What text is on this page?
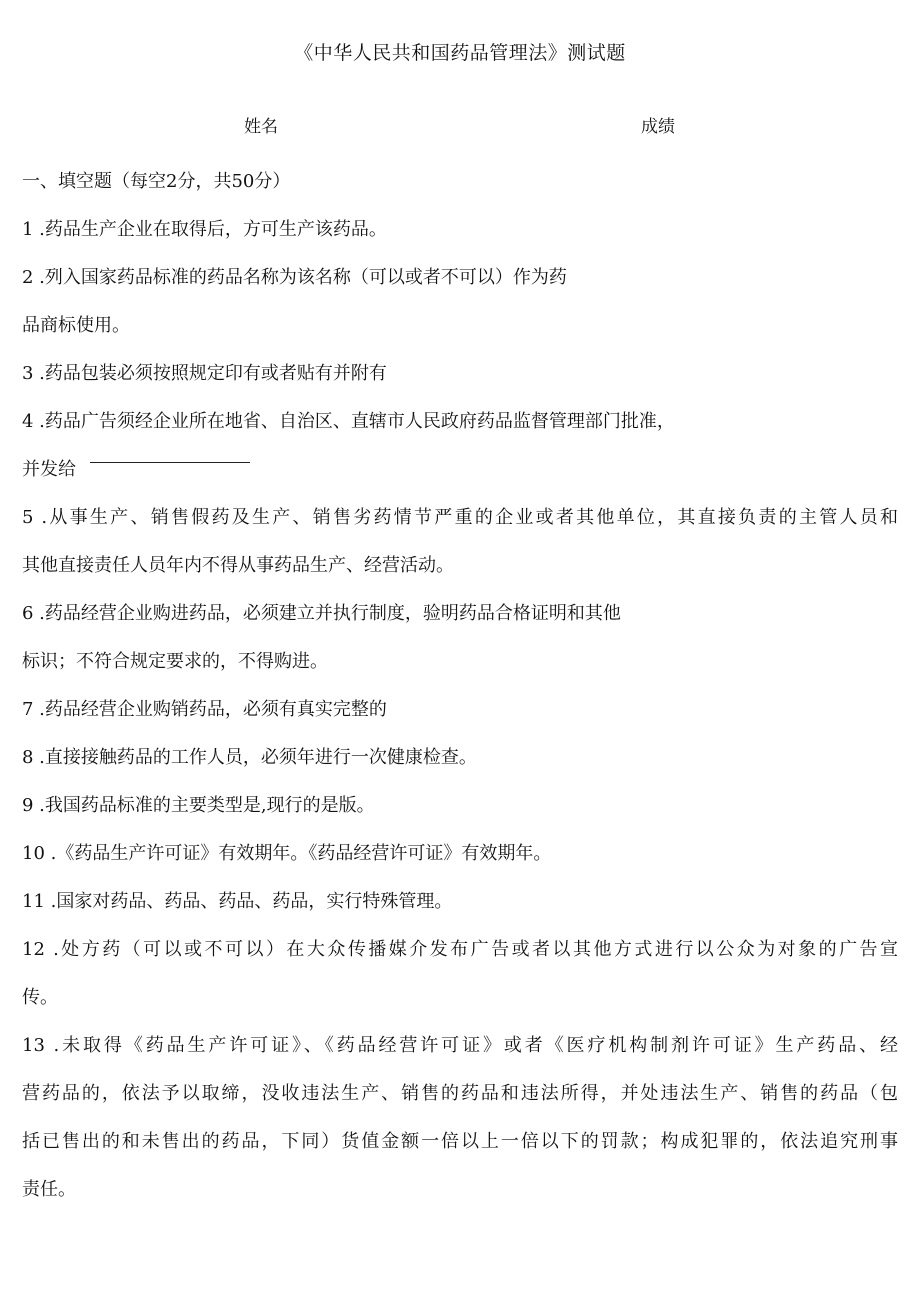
《中华人民共和国药品管理法》测试题
姓名	成绩
一、填空题（每空2分，共50分）
1 .药品生产企业在取得后，方可生产该药品。
2 .列入国家药品标准的药品名称为该名称（可以或者不可以）作为药
品商标使用。
3 .药品包装必须按照规定印有或者贴有并附有
4 .药品广告须经企业所在地省、自治区、直辖市人民政府药品监督管理部门批准，
并发给
5 .从事生产、销售假药及生产、销售劣药情节严重的企业或者其他单位，其直接负责的主管人员和
其他直接责任人员年内不得从事药品生产、经营活动。
6 .药品经营企业购进药品，必须建立并执行制度，验明药品合格证明和其他
标识；不符合规定要求的，不得购进。
7 .药品经营企业购销药品，必须有真实完整的
8 .直接接触药品的工作人员，必须年进行一次健康检查。
9 .我国药品标准的主要类型是,现行的是版。
10 .《药品生产许可证》有效期年。《药品经营许可证》有效期年。
11 .国家对药品、药品、药品、药品，实行特殊管理。
12 .处方药（可以或不可以）在大众传播媒介发布广告或者以其他方式进行以公众为对象的广告宣
传。
13 .未取得《药品生产许可证》、《药品经营许可证》或者《医疗机构制剂许可证》生产药品、经
营药品的，依法予以取缔，没收违法生产、销售的药品和违法所得，并处违法生产、销售的药品（包
括已售出的和未售出的药品，下同）货值金额一倍以上一倍以下的罚款；构成犯罪的，依法追究刑事
责任。
